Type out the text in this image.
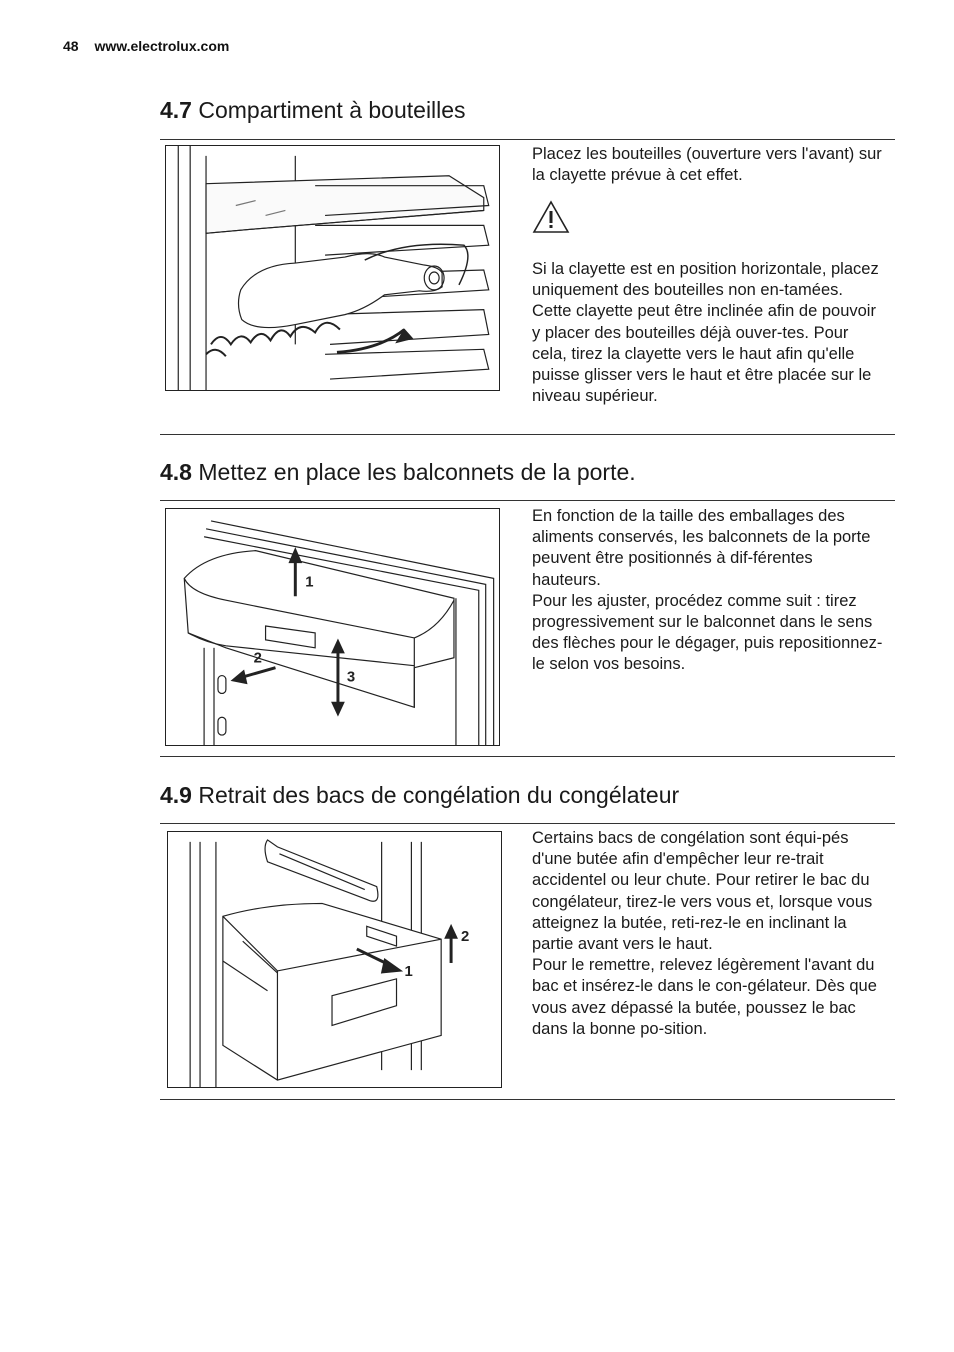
48 www.electrolux.com
4.7 Compartiment à bouteilles

Placez les bouteilles (ouverture vers l'avant) sur la clayette prévue à cet effet.

Si la clayette est en position horizontale, placez uniquement des bouteilles non en-tamées.

Cette clayette peut être inclinée afin de pouvoir y placer des bouteilles déjà ouver-tes. Pour cela, tirez la clayette vers le haut afin qu'elle puisse glisser vers le haut et être placée sur le niveau supérieur.

4.8 Mettez en place les balconnets de la porte.
1
2
3

En fonction de la taille des emballages des aliments conservés, les balconnets de la porte peuvent être positionnés à dif-férentes hauteurs.

Pour les ajuster, procédez comme suit : tirez progressivement sur le balconnet dans le sens des flèches pour le dégager, puis repositionnez-le selon vos besoins.

4.9 Retrait des bacs de congélation du congélateur
1
2

Certains bacs de congélation sont équi-pés d'une butée afin d'empêcher leur re-trait accidentel ou leur chute. Pour retirer le bac du congélateur, tirez-le vers vous et, lorsque vous atteignez la butée, reti-rez-le en inclinant la partie avant vers le haut.

Pour le remettre, relevez légèrement l'avant du bac et insérez-le dans le con-gélateur. Dès que vous avez dépassé la butée, poussez le bac dans la bonne po-sition.
